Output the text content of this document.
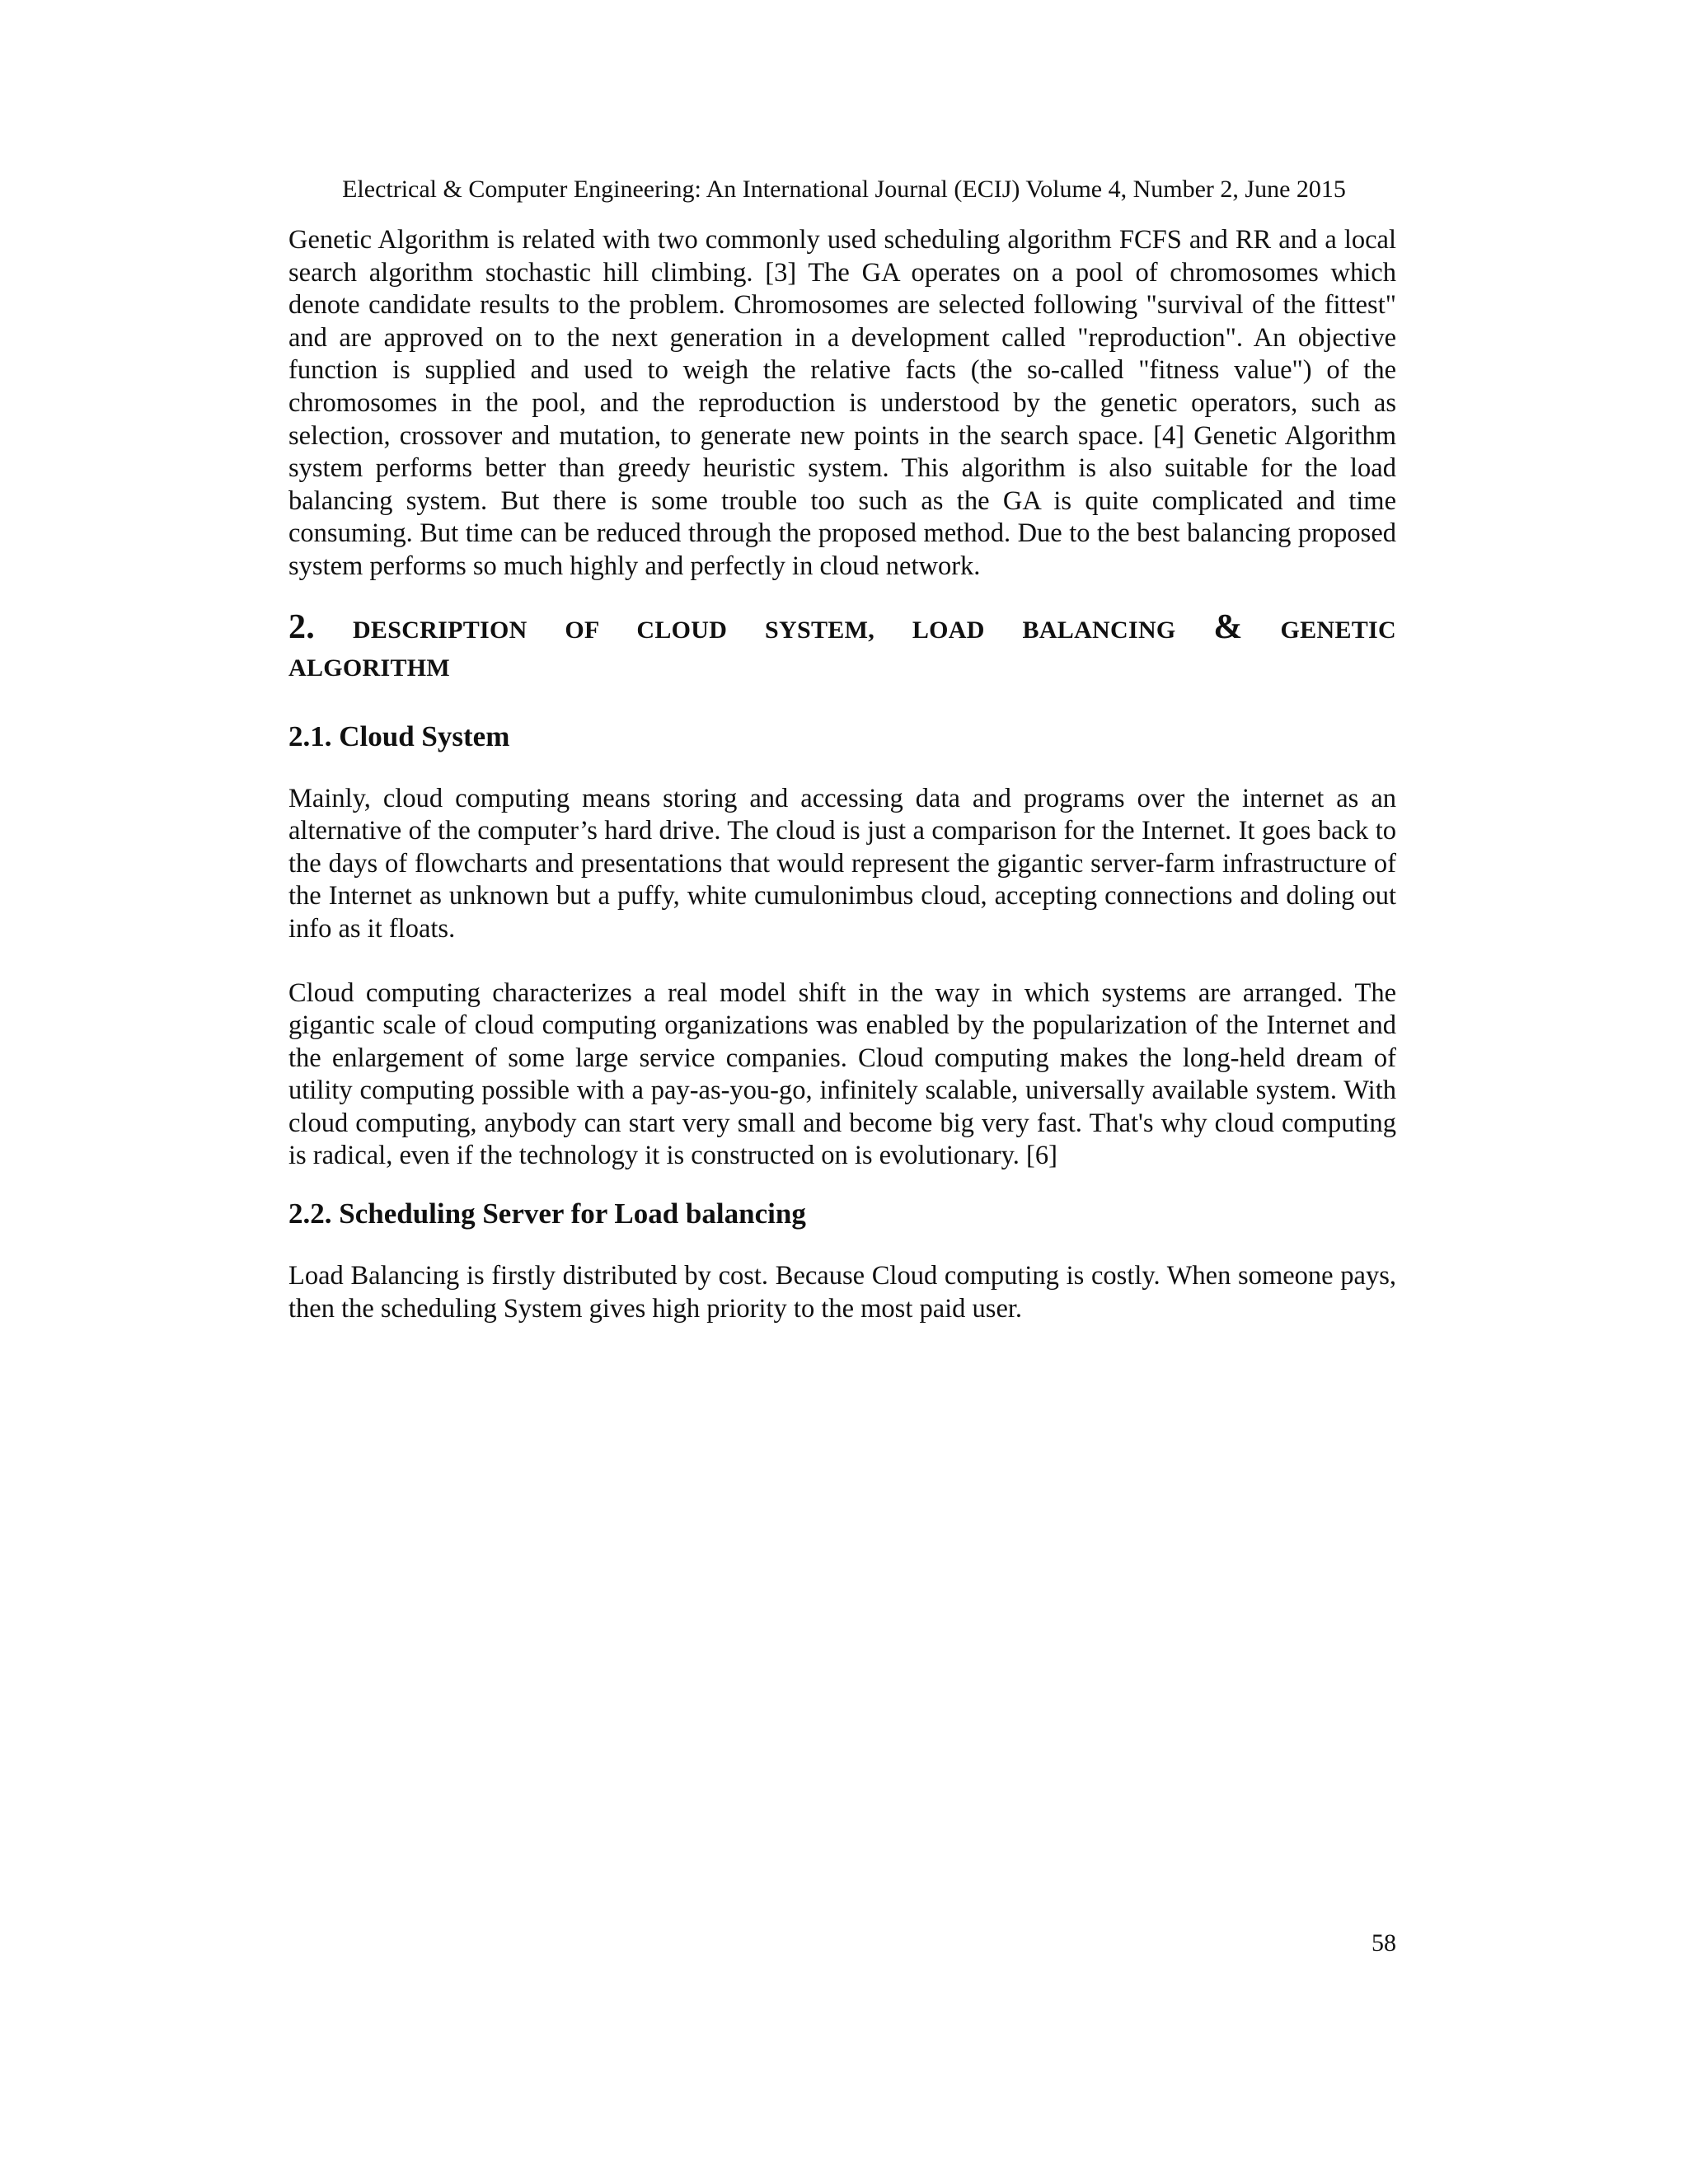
Electrical & Computer Engineering: An International Journal (ECIJ) Volume 4, Number 2, June 2015

Genetic Algorithm is related with two commonly used scheduling algorithm FCFS and RR and a local search algorithm stochastic hill climbing. [3] The GA operates on a pool of chromosomes which denote candidate results to the problem. Chromosomes are selected following "survival of the fittest" and are approved on to the next generation in a development called "reproduction". An objective function is supplied and used to weigh the relative facts (the so-called "fitness value") of the chromosomes in the pool, and the reproduction is understood by the genetic operators, such as selection, crossover and mutation, to generate new points in the search space. [4] Genetic Algorithm system performs better than greedy heuristic system. This algorithm is also suitable for the load balancing system. But there is some trouble too such as the GA is quite complicated and time consuming. But time can be reduced through the proposed method. Due to the best balancing proposed system performs so much highly and perfectly in cloud network.

2. DESCRIPTION OF CLOUD SYSTEM, LOAD BALANCING & GENETIC

ALGORITHM

2.1. Cloud System

Mainly, cloud computing means storing and accessing data and programs over the internet as an alternative of the computer’s hard drive. The cloud is just a comparison for the Internet. It goes back to the days of flowcharts and presentations that would represent the gigantic server-farm infrastructure of the Internet as unknown but a puffy, white cumulonimbus cloud, accepting connections and doling out info as it floats.

Cloud computing characterizes a real model shift in the way in which systems are arranged. The gigantic scale of cloud computing organizations was enabled by the popularization of the Internet and the enlargement of some large service companies. Cloud computing makes the long-held dream of utility computing possible with a pay-as-you-go, infinitely scalable, universally available system. With cloud computing, anybody can start very small and become big very fast. That's why cloud computing is radical, even if the technology it is constructed on is evolutionary. [6]

2.2. Scheduling Server for Load balancing

Load Balancing is firstly distributed by cost. Because Cloud computing is costly. When someone pays, then the scheduling System gives high priority to the most paid user.

58
